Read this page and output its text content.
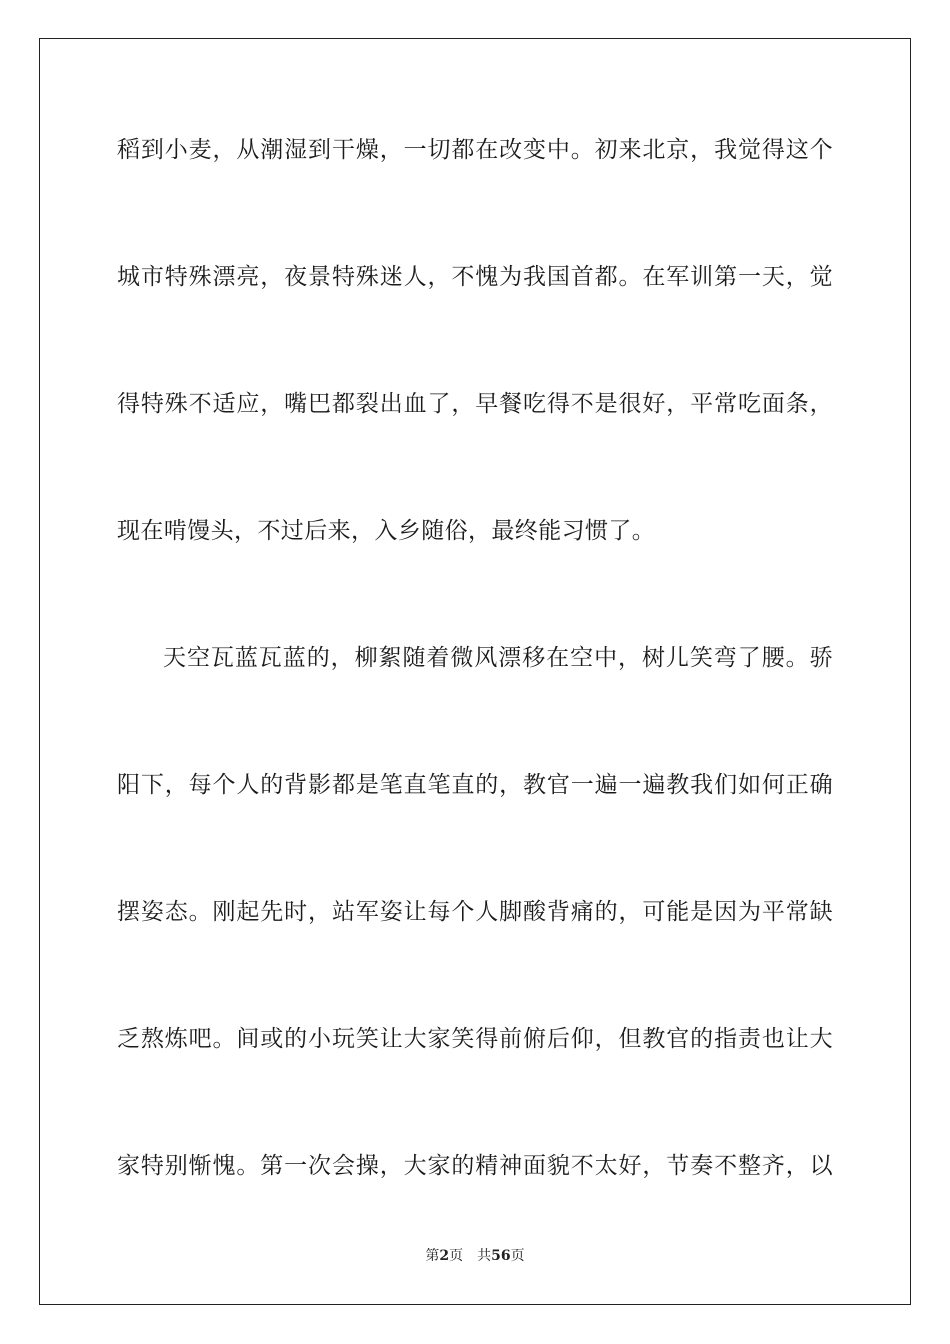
稻到小麦，从潮湿到干燥，一切都在改变中。初来北京，我觉得这个
城市特殊漂亮，夜景特殊迷人，不愧为我国首都。在军训第一天，觉
得特殊不适应，嘴巴都裂出血了，早餐吃得不是很好，平常吃面条，
现在啃馒头，不过后来，入乡随俗，最终能习惯了。
天空瓦蓝瓦蓝的，柳絮随着微风漂移在空中，树儿笑弯了腰。骄
阳下，每个人的背影都是笔直笔直的，教官一遍一遍教我们如何正确
摆姿态。刚起先时，站军姿让每个人脚酸背痛的，可能是因为平常缺
乏熬炼吧。间或的小玩笑让大家笑得前俯后仰，但教官的指责也让大
家特别惭愧。第一次会操，大家的精神面貌不太好，节奏不整齐，以
第2页 共56页
